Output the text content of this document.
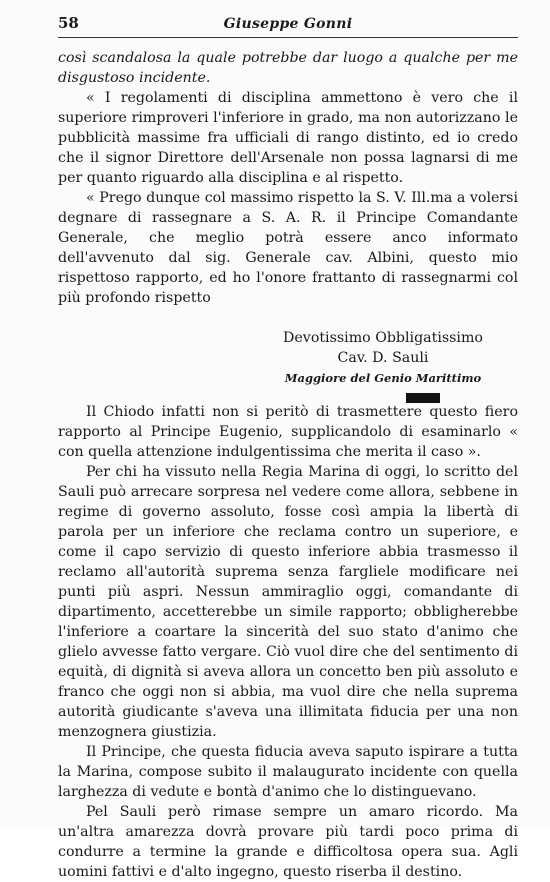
58	Giuseppe Gonni

così scandalosa la quale potrebbe dar luogo a qualche per me disgustoso incidente.

« I regolamenti di disciplina ammettono è vero che il superiore rimproveri l'inferiore in grado, ma non autorizzano le pubblicità massime fra ufficiali di rango distinto, ed io credo che il signor Direttore dell'Arsenale non possa lagnarsi di me per quanto riguardo alla disciplina e al rispetto.

« Prego dunque col massimo rispetto la S. V. Ill.ma a volersi degnare di rassegnare a S. A. R. il Principe Comandante Generale, che meglio potrà essere anco informato dell'avvenuto dal sig. Generale cav. Albini, questo mio rispettoso rapporto, ed ho l'onore frattanto di rassegnarmi col più profondo rispetto

Devotissimo Obbligatissimo
Cav. D. Sauli
Maggiore del Genio Marittimo

Il Chiodo infatti non si peritò di trasmettere questo fiero rapporto al Principe Eugenio, supplicandolo di esaminarlo « con quella attenzione indulgentissima che merita il caso ».

Per chi ha vissuto nella Regia Marina di oggi, lo scritto del Sauli può arrecare sorpresa nel vedere come allora, sebbene in regime di governo assoluto, fosse così ampia la libertà di parola per un inferiore che reclama contro un superiore, e come il capo servizio di questo inferiore abbia trasmesso il reclamo all'autorità suprema senza fargliele modificare nei punti più aspri. Nessun ammiraglio oggi, comandante di dipartimento, accetterebbe un simile rapporto; obbligherebbe l'inferiore a coartare la sincerità del suo stato d'animo che glielo avvesse fatto vergare. Ciò vuol dire che del sentimento di equità, di dignità si aveva allora un concetto ben più assoluto e franco che oggi non si abbia, ma vuol dire che nella suprema autorità giudicante s'aveva una illimitata fiducia per una non menzognera giustizia.

Il Principe, che questa fiducia aveva saputo ispirare a tutta la Marina, compose subito il malaugurato incidente con quella larghezza di vedute e bontà d'animo che lo distinguevano.

Pel Sauli però rimase sempre un amaro ricordo. Ma un'altra amarezza dovrà provare più tardi poco prima di condurre a termine la grande e difficoltosa opera sua. Agli uomini fattivi e d'alto ingegno, questo riserba il destino.
